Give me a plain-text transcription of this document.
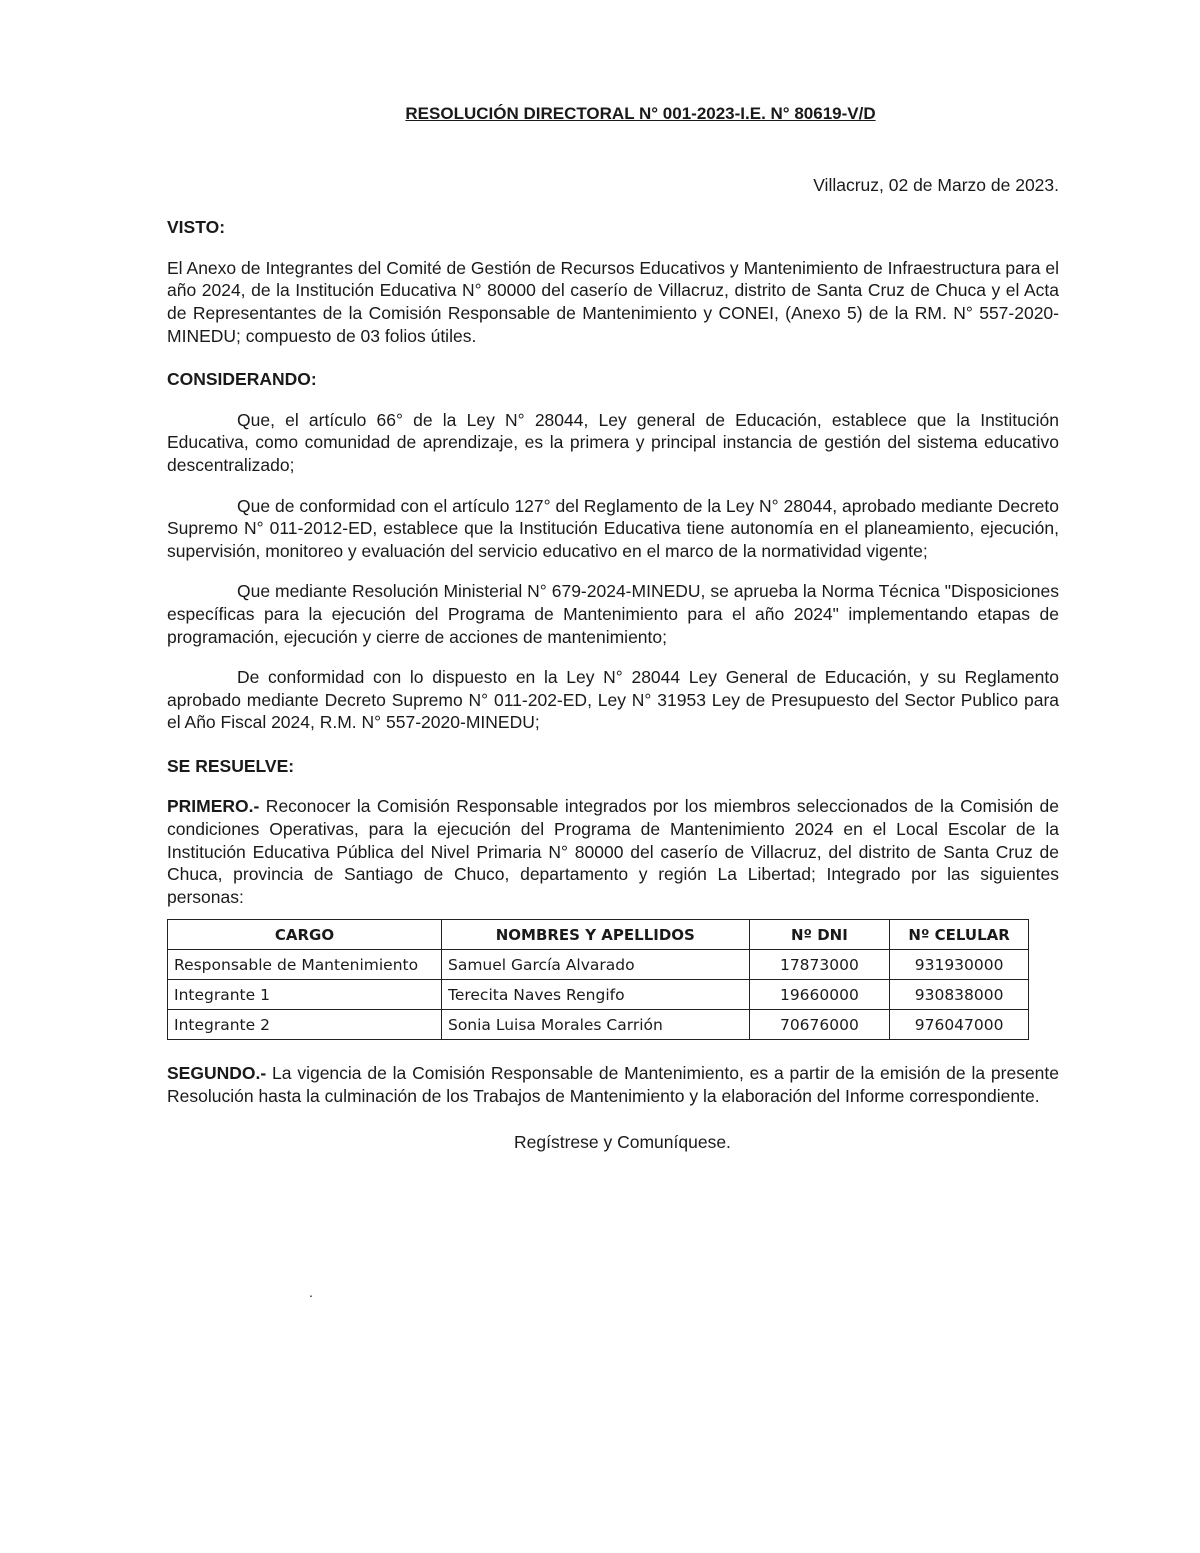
RESOLUCIÓN DIRECTORAL N° 001-2023-I.E. N° 80619-V/D

Villacruz, 02 de Marzo de 2023.

VISTO:

El Anexo de Integrantes del Comité de Gestión de Recursos Educativos y Mantenimiento de Infraestructura para el año 2024, de la Institución Educativa N° 80000 del caserío de Villacruz, distrito de Santa Cruz de Chuca y el Acta de Representantes de la Comisión Responsable de Mantenimiento y CONEI, (Anexo 5) de la RM. N° 557-2020-MINEDU; compuesto de 03 folios útiles.

CONSIDERANDO:

Que, el artículo 66° de la Ley N° 28044, Ley general de Educación, establece que la Institución Educativa, como comunidad de aprendizaje, es la primera y principal instancia de gestión del sistema educativo descentralizado;

Que de conformidad con el artículo 127° del Reglamento de la Ley N° 28044, aprobado mediante Decreto Supremo N° 011-2012-ED, establece que la Institución Educativa tiene autonomía en el planeamiento, ejecución, supervisión, monitoreo y evaluación del servicio educativo en el marco de la normatividad vigente;

Que mediante Resolución Ministerial N° 679-2024-MINEDU, se aprueba la Norma Técnica "Disposiciones específicas para la ejecución del Programa de Mantenimiento para el año 2024" implementando etapas de programación, ejecución y cierre de acciones de mantenimiento;

De conformidad con lo dispuesto en la Ley N° 28044 Ley General de Educación, y su Reglamento aprobado mediante Decreto Supremo N° 011-202-ED, Ley N° 31953 Ley de Presupuesto del Sector Publico para el Año Fiscal 2024, R.M. N° 557-2020-MINEDU;

SE RESUELVE:

PRIMERO.- Reconocer la Comisión Responsable integrados por los miembros seleccionados de la Comisión de condiciones Operativas, para la ejecución del Programa de Mantenimiento 2024 en el Local Escolar de la Institución Educativa Pública del Nivel Primaria N° 80000 del caserío de Villacruz, del distrito de Santa Cruz de Chuca, provincia de Santiago de Chuco, departamento y región La Libertad; Integrado por las siguientes personas:

CARGO	NOMBRES Y APELLIDOS	Nº DNI	Nº CELULAR
Responsable de Mantenimiento	Samuel García Alvarado	17873000	931930000
Integrante 1	Terecita Naves Rengifo	19660000	930838000
Integrante 2	Sonia Luisa Morales Carrión	70676000	976047000

SEGUNDO.- La vigencia de la Comisión Responsable de Mantenimiento, es a partir de la emisión de la presente Resolución hasta la culminación de los Trabajos de Mantenimiento y la elaboración del Informe correspondiente.

Regístrese y Comuníquese.

.
